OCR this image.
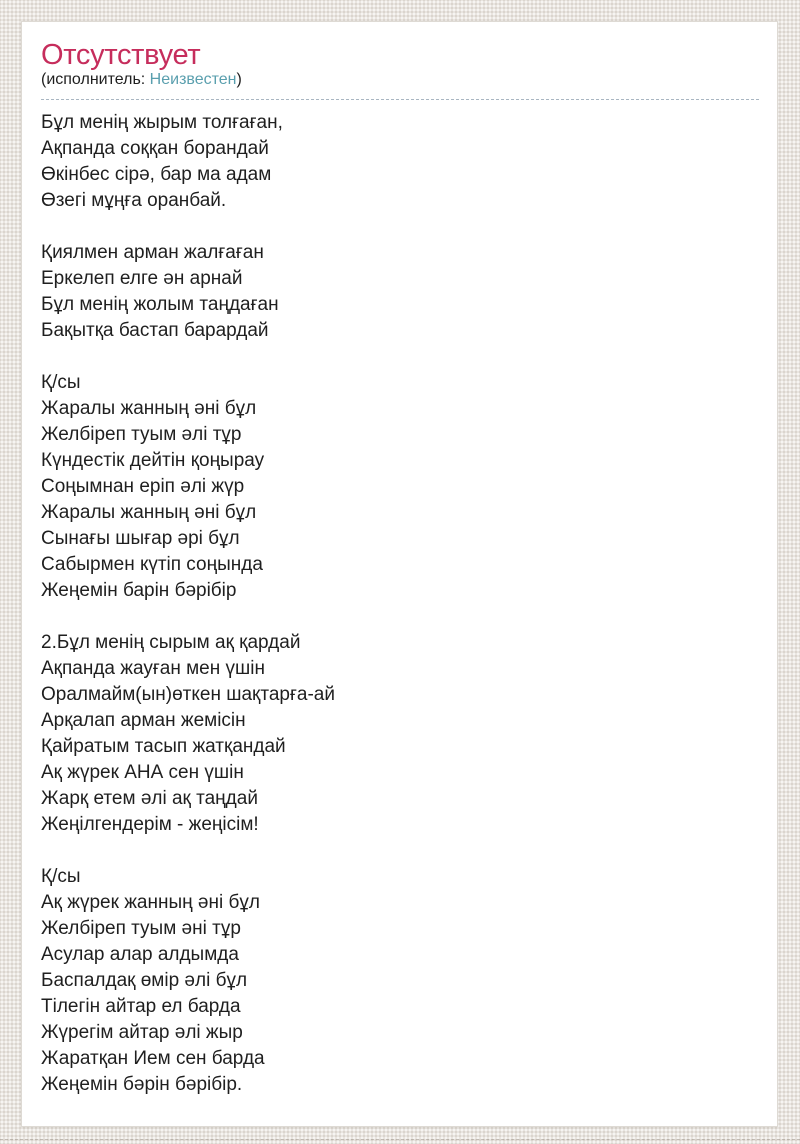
Отсутствует
(исполнитель: Неизвестен)
Бұл менің жырым толғаған,
Ақпанда соққан борандай
Өкінбес сірә, бар ма адам
Өзегі мұңға оранбай.
Қиялмен арман жалғаған
Еркелеп елге ән арнай
Бұл менің жолым таңдаған
Бақытқа бастап барардай
Қ/сы
Жаралы жанның әні бұл
Желбіреп туым әлі тұр
Күндестік дейтін қоңырау
Соңымнан еріп әлі жүр
Жаралы жанның әні бұл
Сынағы шығар әрі бұл
Сабырмен күтіп соңында
Жеңемін барін бәрібір
2.Бұл менің сырым ақ қардай
Ақпанда жауған мен үшін
Оралмайм(ын)өткен шақтарға-ай
Арқалап арман жемісін
Қайратым тасып жатқандай
Ақ жүрек АНА сен үшін
Жарқ етем әлі ақ таңдай
Жеңілгендерім - жеңісім!
Қ/сы
Ақ жүрек жанның әні бұл
Желбіреп туым әні тұр
Асулар алар алдымда
Баспалдақ өмір әлі бұл
Тілегін айтар ел барда
Жүрегім айтар әлі жыр
Жаратқан Ием сен барда
Жеңемін бәрін бәрібір.
